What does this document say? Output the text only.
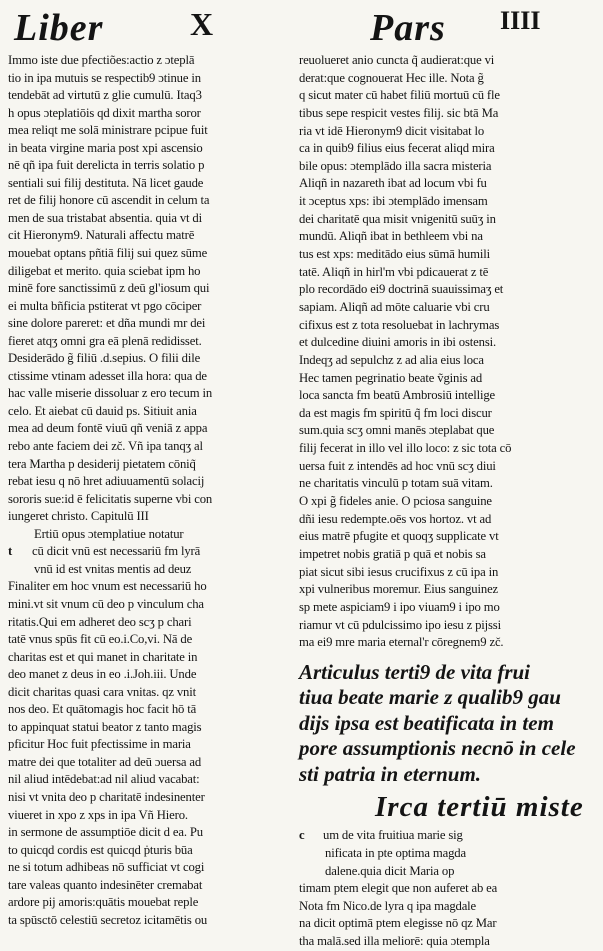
Liber	X	Pars IIII
Immo iste due pfectiões:actio z ɔteplā
tio in ipa mutuis se respectib9 ɔtinue in
tendebāt ad virtutū z glie cumulū. Itaq3
h opus ɔteplatiōis qd dixit martha soror
mea reliqt me solā ministrare pcipue fuit
in beata virgine maria post xpi ascensio
nē qñ ipa fuit derelicta in terris solatio p
sentiali sui filij destituta. Nā licet gaude
ret de filij honore cū ascendit in celum ta
men de sua tristabat absentia. quia vt di
cit Hieronym9. Naturali affectu matrē
mouebat optans pñtiā filij sui quez sūme
diligebat et merito. quia sciebat ipm ho
minē fore sanctissimū z deū gl'iosum qui
ei multa bñficia pstiterat vt pgo cōciper
sine dolore pareret: et dña mundi mr dei
fieret atqʒ omni gra eā plenā redidisset.
Desiderādo g̃ filiū .d.sepius. O filii dile
ctissime vtinam adesset illa hora: qua de
hac valle miserie dissoluar z ero tecum in
celo. Et aiebat cū dauid ps. Sitiuit ania
mea ad deum fontē viuū qñ veniā z appa
rebo ante faciem dei zč. Vñ ipa tanqʒ al
tera Martha p desiderij pietatem cōniq̃
rebat iesu q nō hret adiuuamentū solacij
sororis sue:id ē felicitatis superne vbi con
iungeret christo. Capitulū III
Ertiū opus ɔtemplatiue notatur
t cū dicit vnū est necessariū fm lyrā
vnū id est vnitas mentis ad deuz
Finaliter em hoc vnum est necessariū ho
mini.vt sit vnum cū deo p vinculum cha
ritatis.Qui em adheret deo scʒ p chari
tatē vnus spūs fit cū eo.i.Co,vi. Nā de
charitas est et qui manet in charitate in
deo manet z deus in eo .i.Joh.iii. Unde
dicit charitas quasi cara vnitas. qz vnit
nos deo. Et quātomagis hoc facit hō tā
to appinquat statui beator z tanto magis
pficitur Hoc fuit pfectissime in maria
matre dei que totaliter ad deū ɔuersa ad
nil aliud intēdebat:ad nil aliud vacabat:
nisi vt vnita deo p charitatē indesinenter
viueret in xpo z xps in ipa Vñ Hiero.
in sermone de assumptiōe dicit d ea. Pu
to quicqd cordis est quicqd ṗturis būa
ne si totum adhibeas nō sufficiat vt cogi
tare valeas quanto indesinēter cremabat
ardore pij amoris:quātis mouebat reple
ta spūsctō celestiū secretoz icitamētis ou
reuolueret anio cuncta q̃ audierat:que vi
derat:que cognouerat Hec ille. Nota g̃
q sicut mater cū habet filiū mortuū cū fle
tibus sepe respicit vestes filij. sic btā Ma
ria vt idē Hieronym9 dicit visitabat lo
ca in quib9 filius eius fecerat aliqd mira
bile opus: ɔtemplādo illa sacra misteria
Aliqñ in nazareth ibat ad locum vbi fu
it ɔceptus xps: ibi ɔtemplādo imensam
dei charitatē qua misit vnigenitū suūʒ in
mundū. Aliqñ ibat in bethleem vbi na
tus est xps: meditādo eius sūmā humili
tatē. Aliqñ in hirl'm vbi pdicauerat z tē
plo recordādo ei9 doctrinā suauissimaʒ et
sapiam. Aliqñ ad mōte caluarie vbi cru
cifixus est z tota resoluebat in lachrymas
et dulcedine diuini amoris in ibi ostensi.
Indeqʒ ad sepulchz z ad alia eius loca
Hec tamen pegrinatio beate ṽginis ad
loca sancta fm beatū Ambrosiū intellige
da est magis fm spiritū q̃ fm loci discur
sum.quia scʒ omni manēs ɔteplabat que
filij fecerat in illo vel illo loco: z sic tota cō
uersa fuit z intendēs ad hoc vnū scʒ diui
ne charitatis vinculū p totam suā vitam.
O xpi g̃ fideles anie. O pciosa sanguine
dñi iesu redempte.oēs vos hortoz. vt ad
eius matrē pfugite et quoqʒ supplicate vt
impetret nobis gratiā p quā et nobis sa
piat sicut sibi iesus crucifixus z cū ipa in
xpi vulneribus moremur. Eius sanguinez
sp mete aspiciam9 i ipo viuam9 i ipo mo
riamur vt cū pdulcissimo ipo iesu z pijssi
ma ei9 mre maria eternal'r cōregnem9 zč.
Articulus terti9 de vita frui
tiua beate marie z qualib9 gau
dijs ipsa est beatificata in tem
pore assumptionis necnō in cele
sti patria in eternum.
Irca tertiū miste
c um de vita fruitiua marie sig
nificata in pte optima magda
dalene.quia dicit Maria op
timam ptem elegit que non auferet ab ea
Nota fm Nico.de lyra q ipa magdale
na dicit optimā ptem elegisse nō qz Mar
tha malā.sed illa meliorē: quia ɔtempla
